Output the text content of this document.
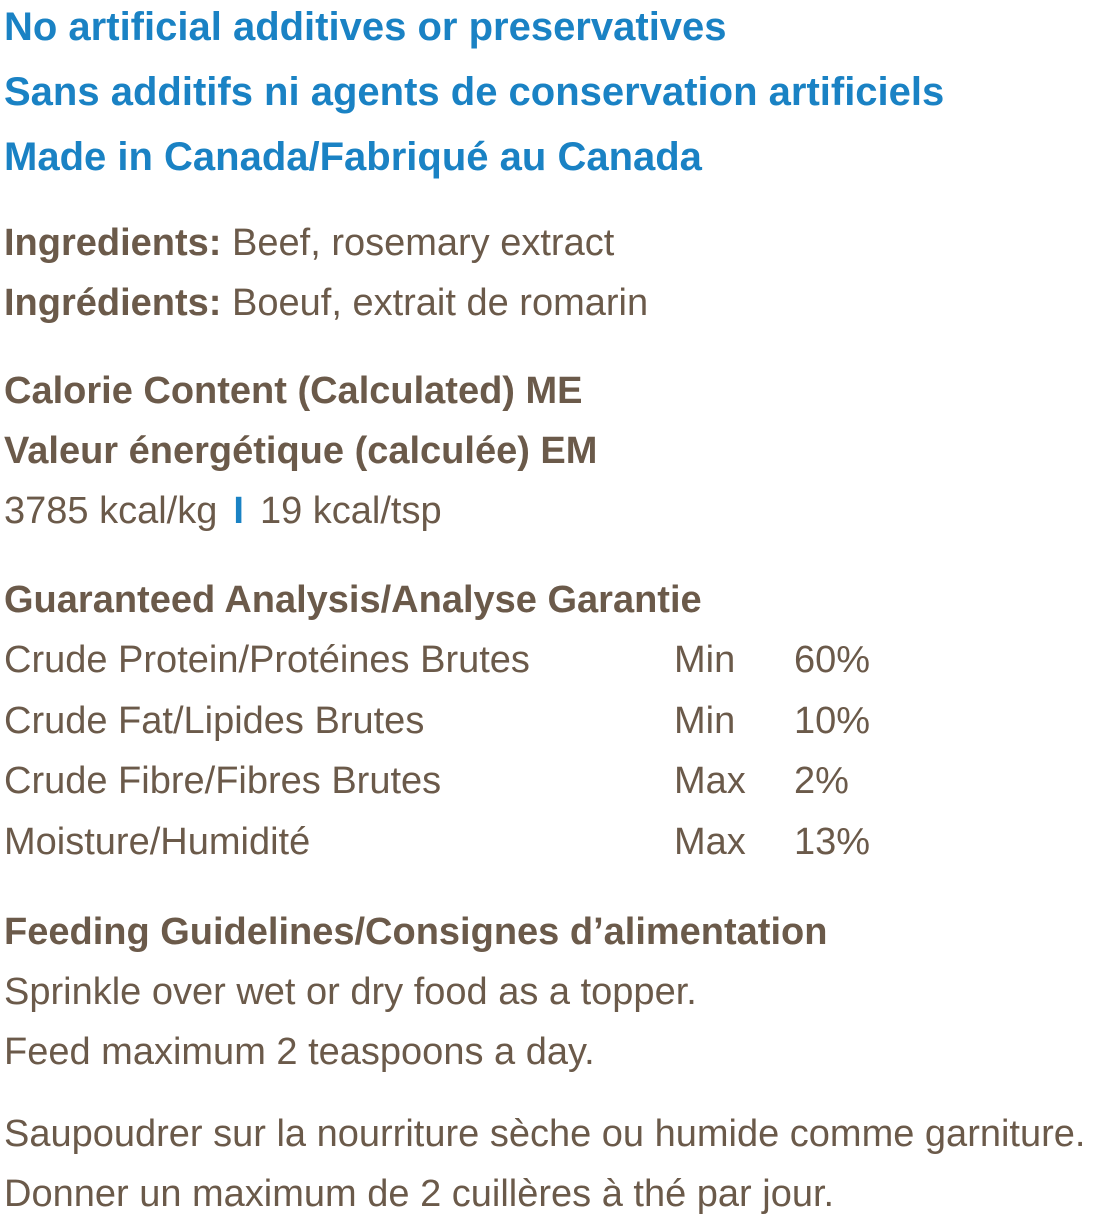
No artificial additives or preservatives
Sans additifs ni agents de conservation artificiels
Made in Canada/Fabriqué au Canada
Ingredients: Beef, rosemary extract
Ingrédients: Boeuf, extrait de romarin
Calorie Content (Calculated) ME
Valeur énergétique (calculée) EM
3785 kcal/kg I 19 kcal/tsp
Guaranteed Analysis/Analyse Garantie
Crude Protein/Protéines Brutes	Min	60%
Crude Fat/Lipides Brutes	Min	10%
Crude Fibre/Fibres Brutes	Max	2%
Moisture/Humidité	Max	13%
Feeding Guidelines/Consignes d’alimentation
Sprinkle over wet or dry food as a topper.
Feed maximum 2 teaspoons a day.
Saupoudrer sur la nourriture sèche ou humide comme garniture.
Donner un maximum de 2 cuillères à thé par jour.
